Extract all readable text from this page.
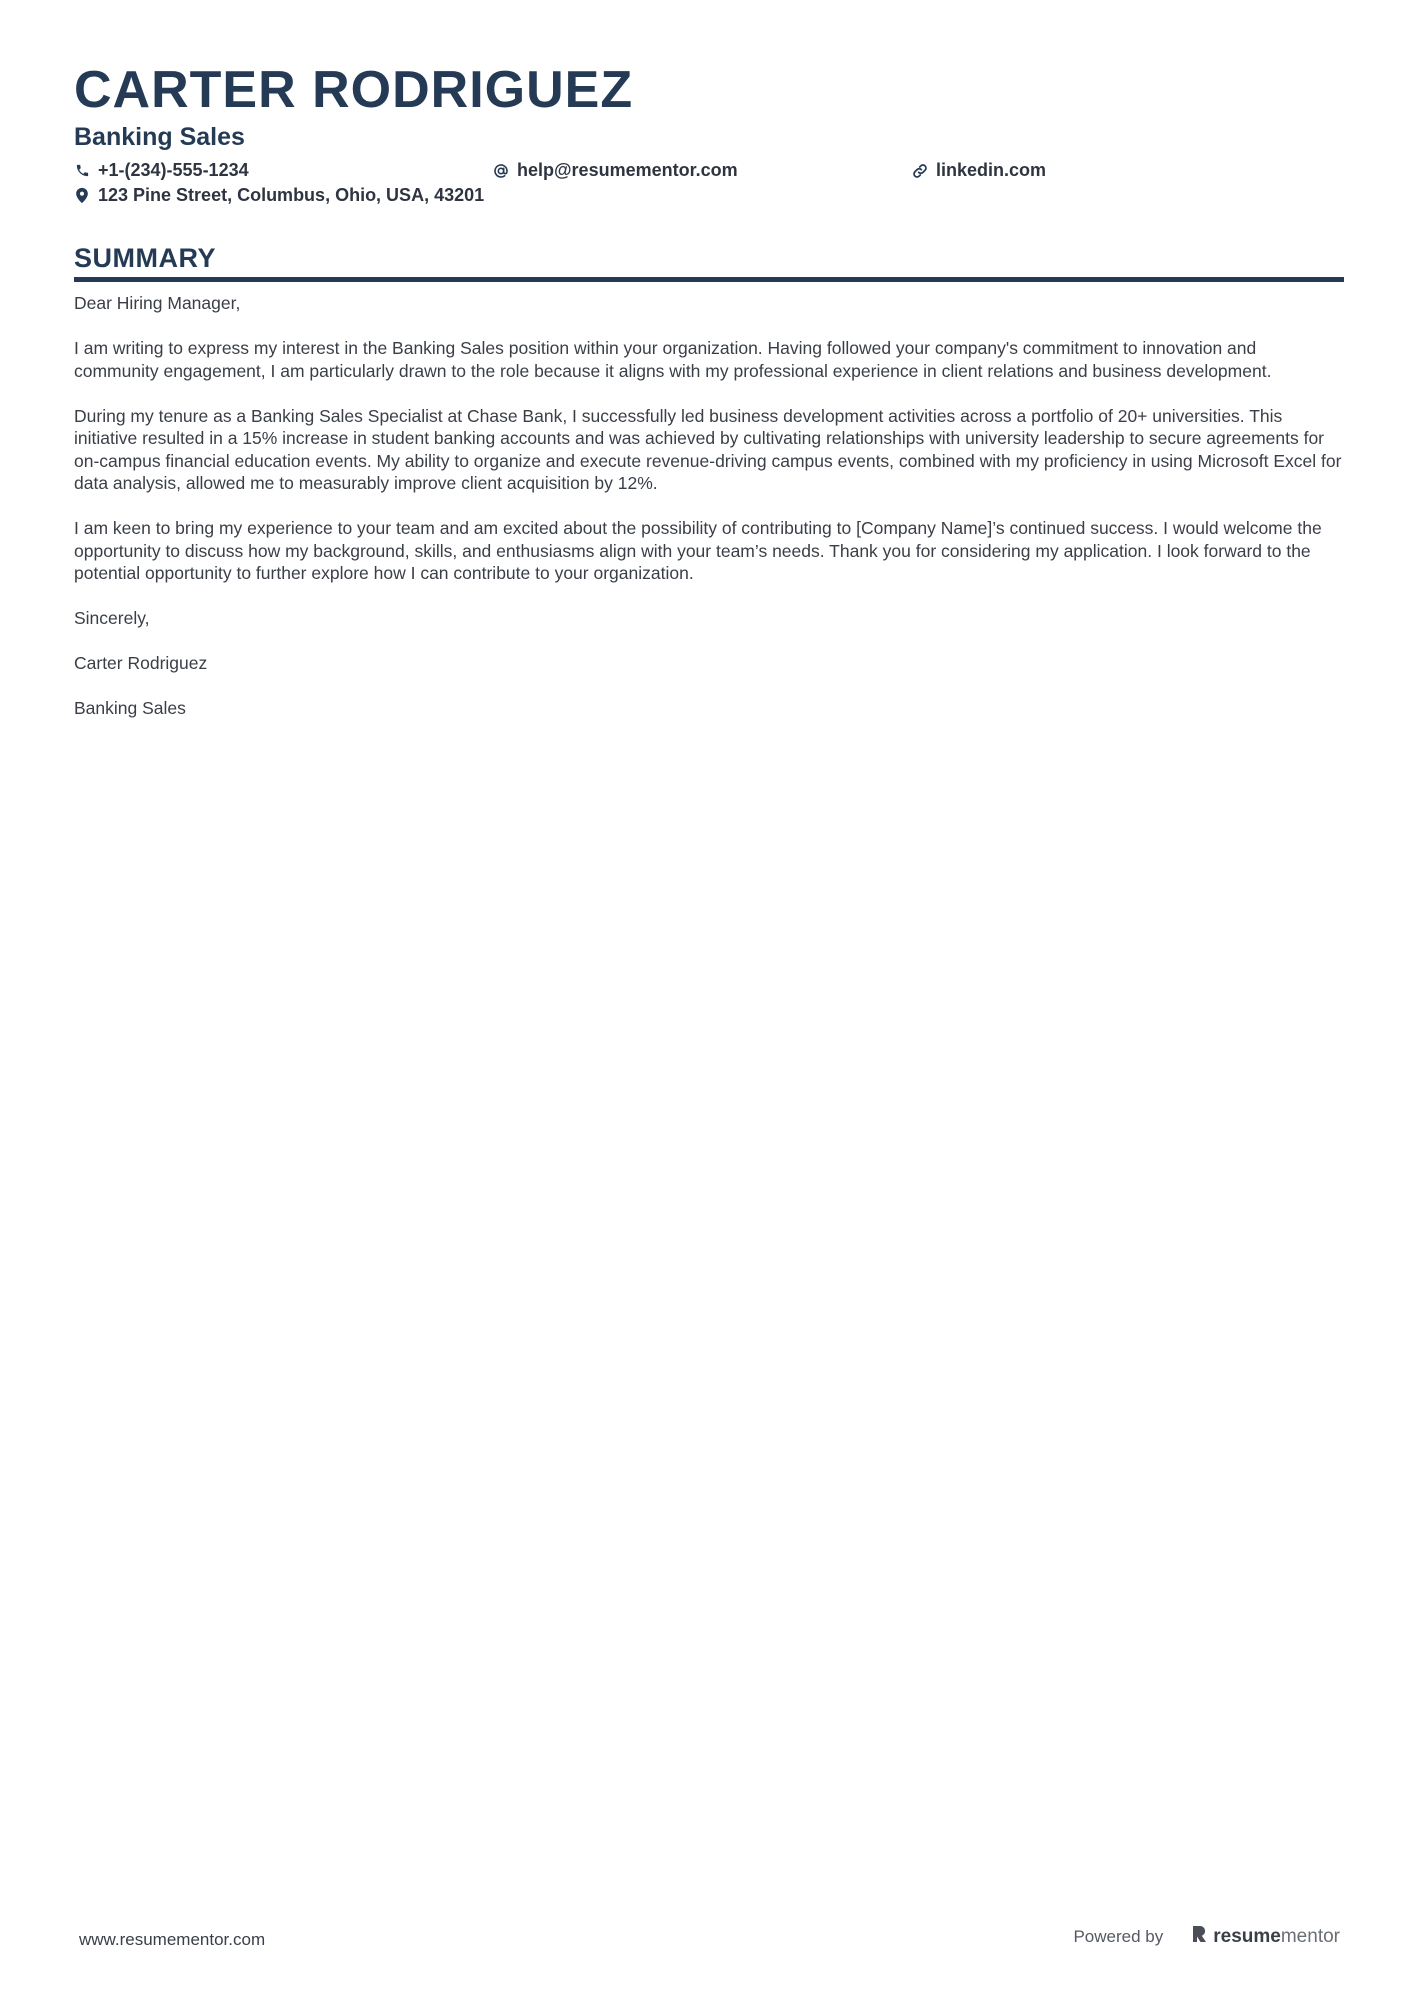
CARTER RODRIGUEZ
Banking Sales
+1-(234)-555-1234	help@resumementor.com	linkedin.com
123 Pine Street, Columbus, Ohio, USA, 43201
SUMMARY

Dear Hiring Manager,

I am writing to express my interest in the Banking Sales position within your organization. Having followed your company's commitment to innovation and community engagement, I am particularly drawn to the role because it aligns with my professional experience in client relations and business development.

During my tenure as a Banking Sales Specialist at Chase Bank, I successfully led business development activities across a portfolio of 20+ universities. This initiative resulted in a 15% increase in student banking accounts and was achieved by cultivating relationships with university leadership to secure agreements for on-campus financial education events. My ability to organize and execute revenue-driving campus events, combined with my proficiency in using Microsoft Excel for data analysis, allowed me to measurably improve client acquisition by 12%.

I am keen to bring my experience to your team and am excited about the possibility of contributing to [Company Name]’s continued success. I would welcome the opportunity to discuss how my background, skills, and enthusiasms align with your team’s needs. Thank you for considering my application. I look forward to the potential opportunity to further explore how I can contribute to your organization.

Sincerely,

Carter Rodriguez

Banking Sales

www.resumementor.com	Powered by	resumementor
